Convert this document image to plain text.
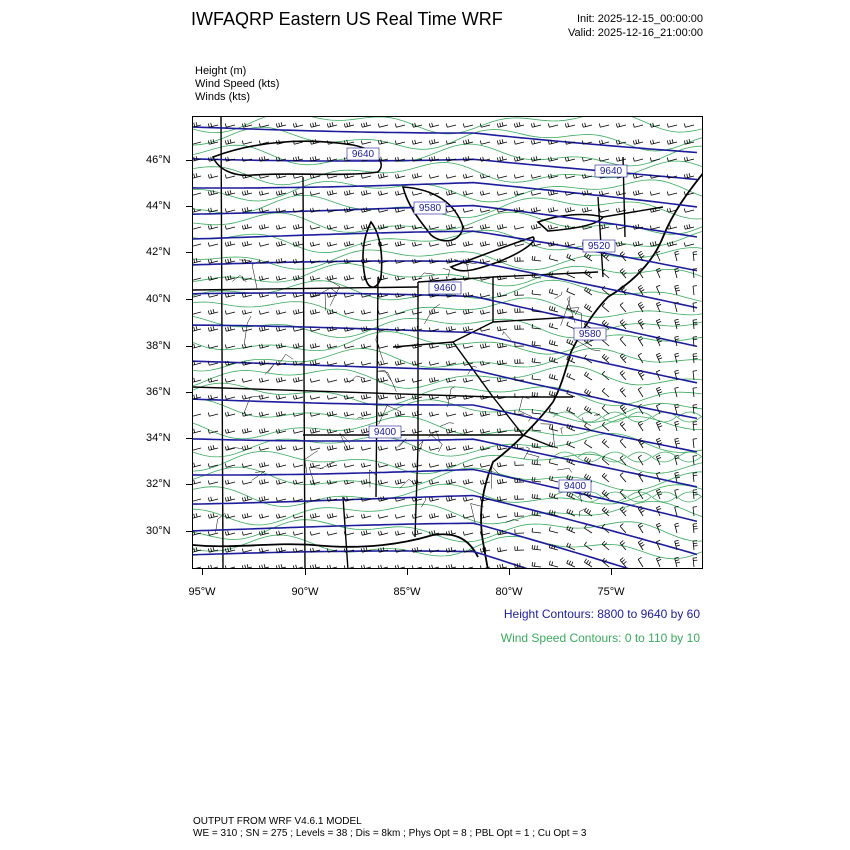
IWFAQRP Eastern US Real Time WRF	Init: 2025-12-15_00:00:00
Valid: 2025-12-16_21:00:00
Height (m)
Wind Speed (kts)
Winds (kts)
9640
9640
9580
9520
9460
9580
9400
9400
46°N
44°N
42°N
40°N
38°N
36°N
34°N
32°N
30°N
95°W	90°W	85°W	80°W	75°W
Height Contours: 8800 to 9640 by 60
Wind Speed Contours: 0 to 110 by 10
OUTPUT FROM WRF V4.6.1 MODEL
WE = 310 ; SN = 275 ; Levels = 38 ; Dis = 8km ; Phys Opt = 8 ; PBL Opt = 1 ; Cu Opt = 3
